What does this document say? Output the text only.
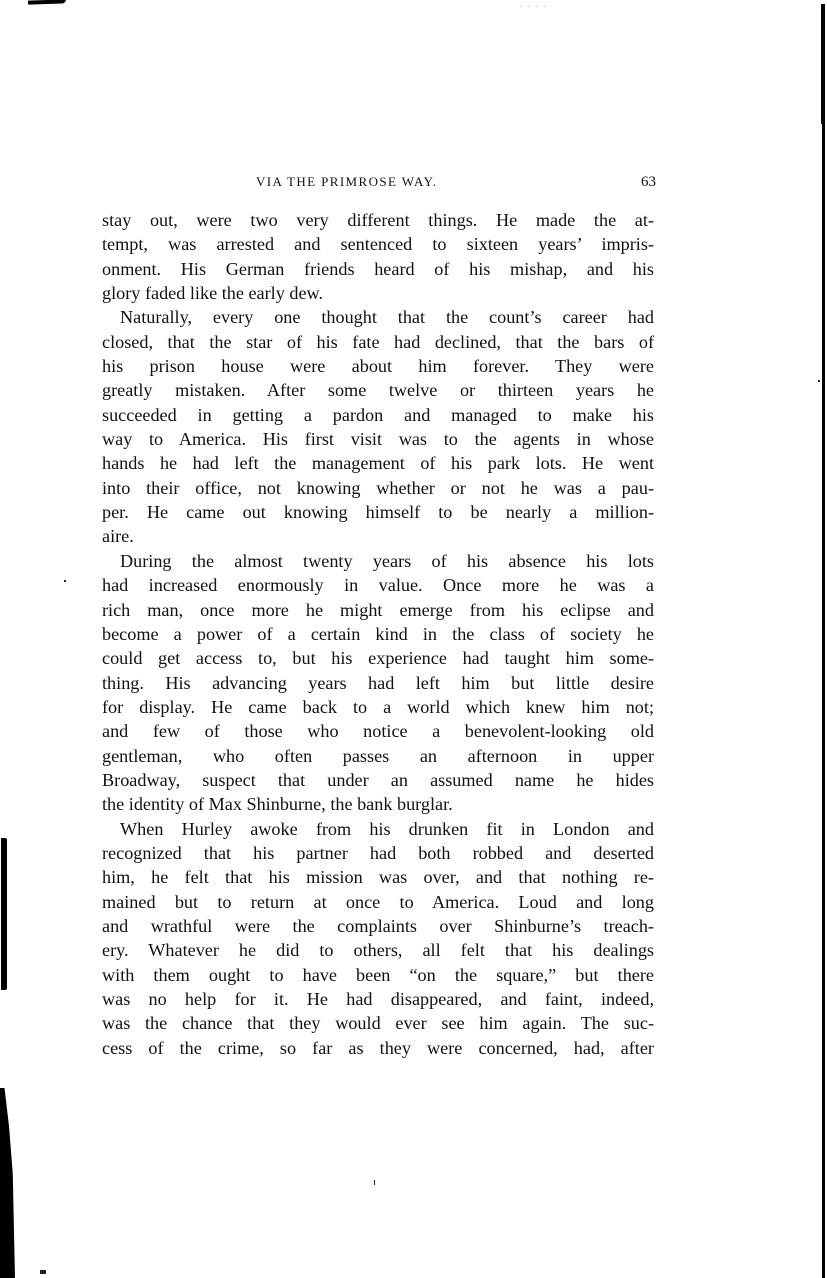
. . . .
VIA THE PRIMROSE WAY.	63
stay out, were two very different things. He made the at-
tempt, was arrested and sentenced to sixteen years’ impris-
onment. His German friends heard of his mishap, and his
glory faded like the early dew.
Naturally, every one thought that the count’s career had
closed, that the star of his fate had declined, that the bars of
his prison house were about him forever. They were
greatly mistaken. After some twelve or thirteen years he
succeeded in getting a pardon and managed to make his
way to America. His first visit was to the agents in whose
hands he had left the management of his park lots. He went
into their office, not knowing whether or not he was a pau-
per. He came out knowing himself to be nearly a million-
aire.
During the almost twenty years of his absence his lots
had increased enormously in value. Once more he was a
rich man, once more he might emerge from his eclipse and
become a power of a certain kind in the class of society he
could get access to, but his experience had taught him some-
thing. His advancing years had left him but little desire
for display. He came back to a world which knew him not;
and few of those who notice a benevolent-looking old
gentleman, who often passes an afternoon in upper
Broadway, suspect that under an assumed name he hides
the identity of Max Shinburne, the bank burglar.
When Hurley awoke from his drunken fit in London and
recognized that his partner had both robbed and deserted
him, he felt that his mission was over, and that nothing re-
mained but to return at once to America. Loud and long
and wrathful were the complaints over Shinburne’s treach-
ery. Whatever he did to others, all felt that his dealings
with them ought to have been “on the square,” but there
was no help for it. He had disappeared, and faint, indeed,
was the chance that they would ever see him again. The suc-
cess of the crime, so far as they were concerned, had, after
